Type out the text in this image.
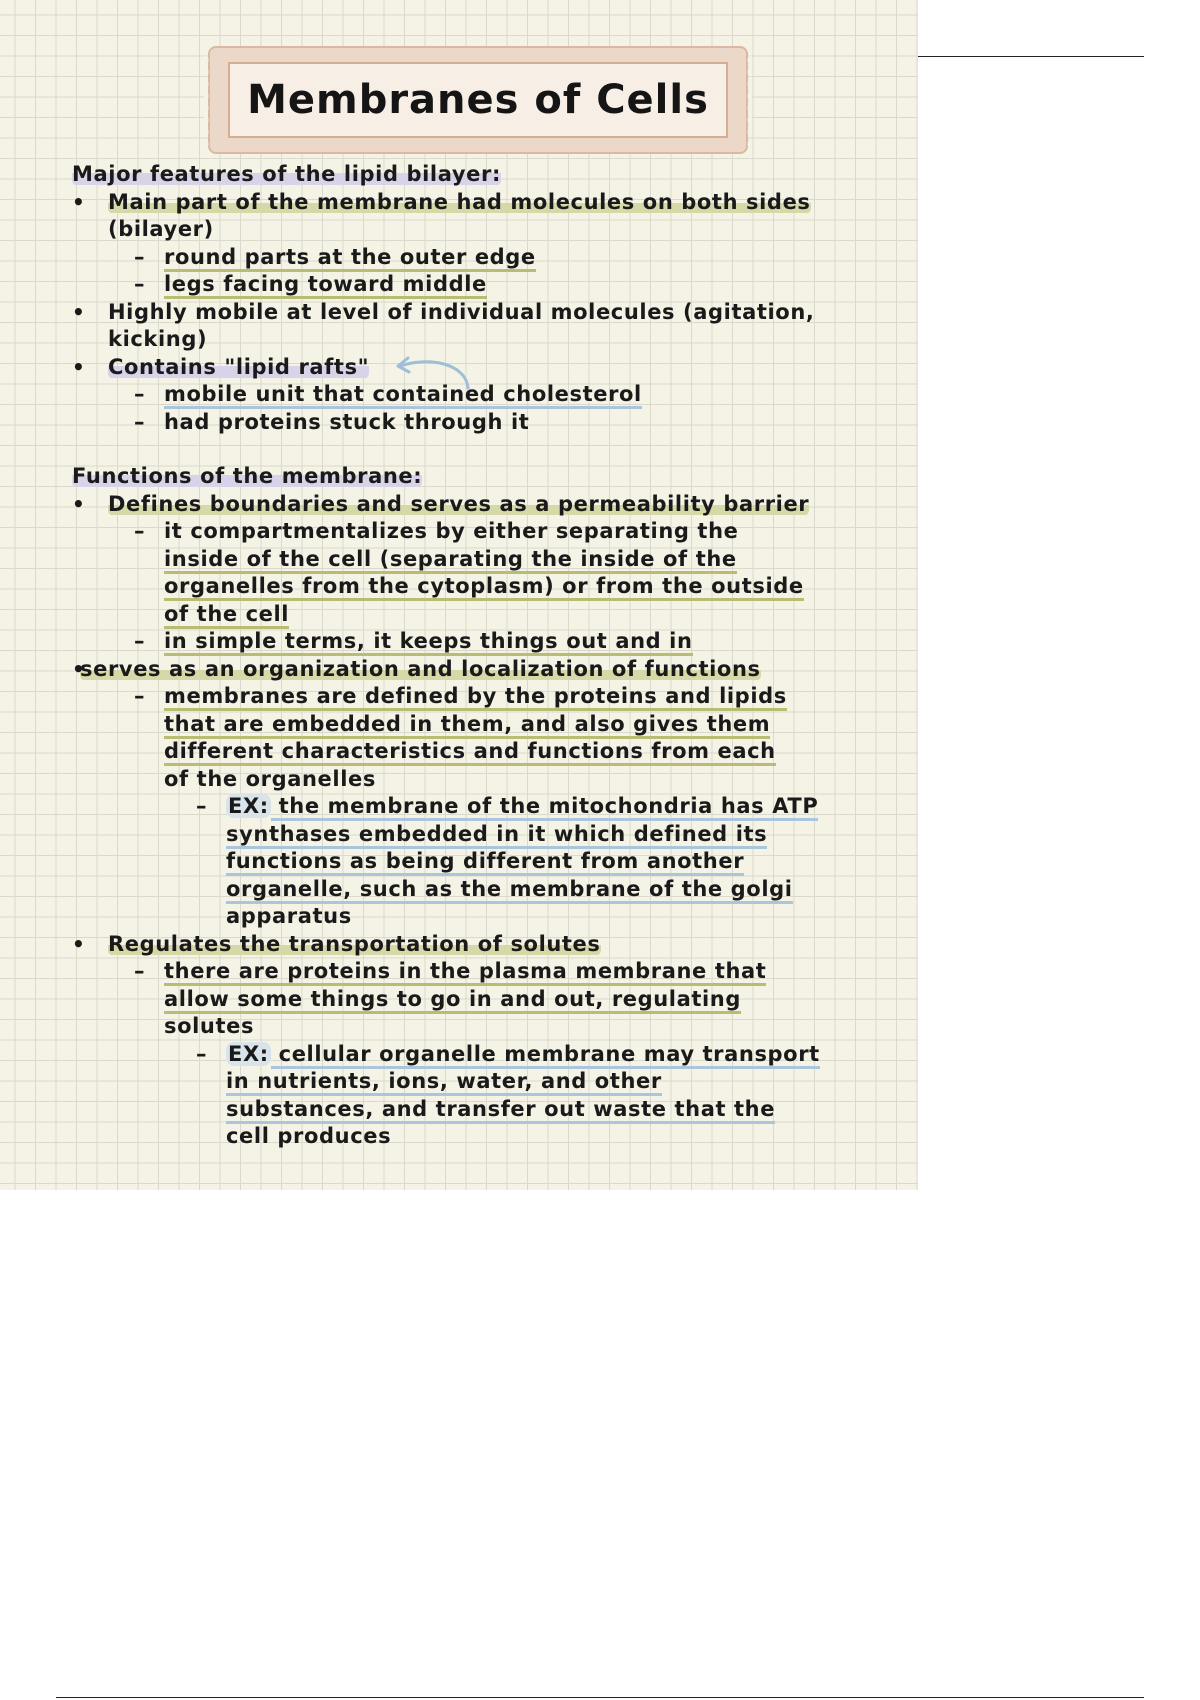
Membranes of Cells
Major features of the lipid bilayer:
• Main part of the membrane had molecules on both sides
(bilayer)
– round parts at the outer edge
– legs facing toward middle
• Highly mobile at level of individual molecules (agitation,
kicking)
• Contains "lipid rafts"
– mobile unit that contained cholesterol
– had proteins stuck through it
Functions of the membrane:
• Defines boundaries and serves as a permeability barrier
– it compartmentalizes by either separating the
inside of the cell (separating the inside of the
organelles from the cytoplasm) or from the outside
of the cell
– in simple terms, it keeps things out and in
• serves as an organization and localization of functions
– membranes are defined by the proteins and lipids
that are embedded in them, and also gives them
different characteristics and functions from each
of the organelles
– EX: the membrane of the mitochondria has ATP
synthases embedded in it which defined its
functions as being different from another
organelle, such as the membrane of the golgi
apparatus
• Regulates the transportation of solutes
– there are proteins in the plasma membrane that
allow some things to go in and out, regulating
solutes
– EX: cellular organelle membrane may transport
in nutrients, ions, water, and other
substances, and transfer out waste that the
cell produces
